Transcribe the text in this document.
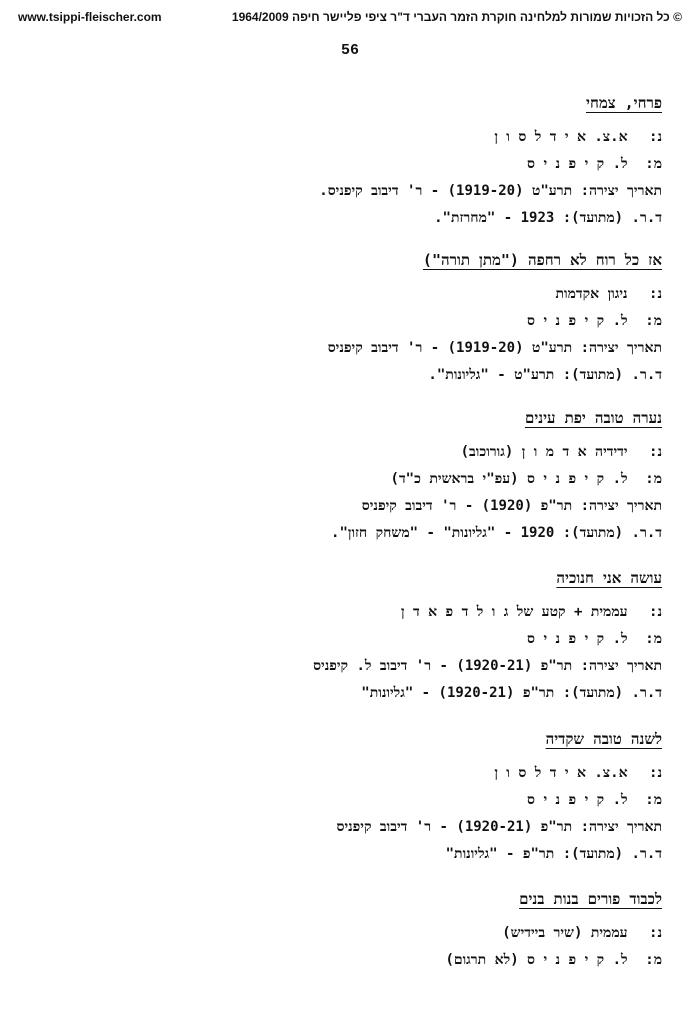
www.tsippi-fleischer.com	© כל הזכויות שמורות למלחינה חוקרת הזמר העברי ד"ר ציפי פליישר חיפה 1964/2009
56
פרחי, צמחי
נ: א.צ. א י ד ל ס ו ן
מ: ל. ק י פ נ י ס
תאריך יצירה: תרע"ט (1919-20) - ר' דיבוב קיפניס.
ד.ר. (מתועד): 1923 - "מחרזת".
אז כל רוח לא רחפה ("מתן תורה")
נ: ניגון אקדמות
מ: ל. ק י פ נ י ס
תאריך יצירה: תרע"ט (1919-20) - ר' דיבוב קיפניס
ד.ר. (מתועד): תרע"ט - "גליונות".
נערה טובה יפת עינים
נ: ידידיה א ד מ ו ן (גורוכוב)
מ: ל. ק י פ נ י ס (עפ"י בראשית כ"ד)
תאריך יצירה: תר"פ (1920) - ר' דיבוב קיפניס
ד.ר. (מתועד): 1920 - "גליונות" - "משחק חזון".
עושה אני חנוכיה
נ: עממית + קטע של ג ו ל ד פ א ד ן
מ: ל. ק י פ נ י ס
תאריך יצירה: תר"פ (1920-21) - ר' דיבוב ל. קיפניס
ד.ר. (מתועד): תר"פ (1920-21) - "גליונות"
לשנה טובה שקדיה
נ: א.צ. א י ד ל ס ו ן
מ: ל. ק י פ נ י ס
תאריך יצירה: תר"פ (1920-21) - ר' דיבוב קיפניס
ד.ר. (מתועד): תר"פ - "גליונות"
לכבוד פורים בנות בנים
נ: עממית (שיר ביידיש)
מ: ל. ק י פ נ י ס (לא תרגום)
